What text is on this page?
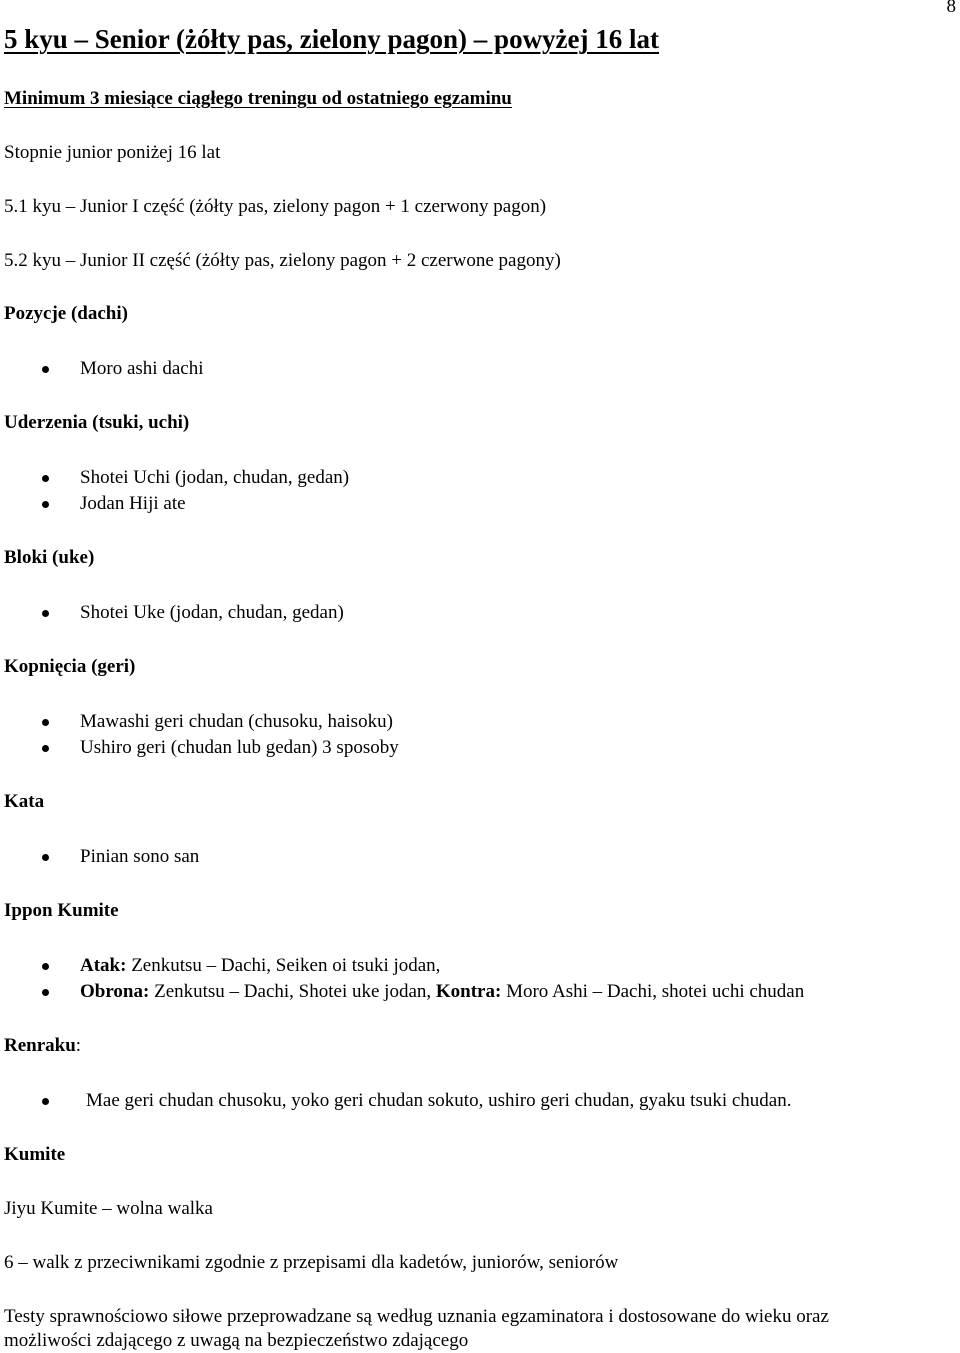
8
5 kyu – Senior (żółty pas, zielony pagon) – powyżej 16 lat
Minimum 3 miesiące ciągłego treningu od ostatniego egzaminu
Stopnie junior poniżej 16 lat
5.1 kyu – Junior I część (żółty pas, zielony pagon + 1 czerwony pagon)
5.2 kyu – Junior II część (żółty pas, zielony pagon + 2 czerwone pagony)
Pozycje (dachi)
Moro ashi dachi
Uderzenia (tsuki, uchi)
Shotei Uchi (jodan, chudan, gedan)
Jodan Hiji ate
Bloki (uke)
Shotei Uke (jodan, chudan, gedan)
Kopnięcia (geri)
Mawashi geri chudan (chusoku, haisoku)
Ushiro geri (chudan lub gedan) 3 sposoby
Kata
Pinian sono san
Ippon Kumite
Atak: Zenkutsu – Dachi, Seiken oi tsuki jodan,
Obrona: Zenkutsu – Dachi, Shotei uke jodan, Kontra: Moro Ashi – Dachi, shotei uchi chudan
Renraku:
Mae geri chudan chusoku, yoko geri chudan sokuto, ushiro geri chudan, gyaku tsuki chudan.
Kumite
Jiyu Kumite – wolna walka
6 – walk z przeciwnikami zgodnie z przepisami dla kadetów, juniorów, seniorów
Testy sprawnościowo siłowe przeprowadzane są według uznania egzaminatora i dostosowane do wieku oraz
możliwości zdającego z uwagą na bezpieczeństwo zdającego
